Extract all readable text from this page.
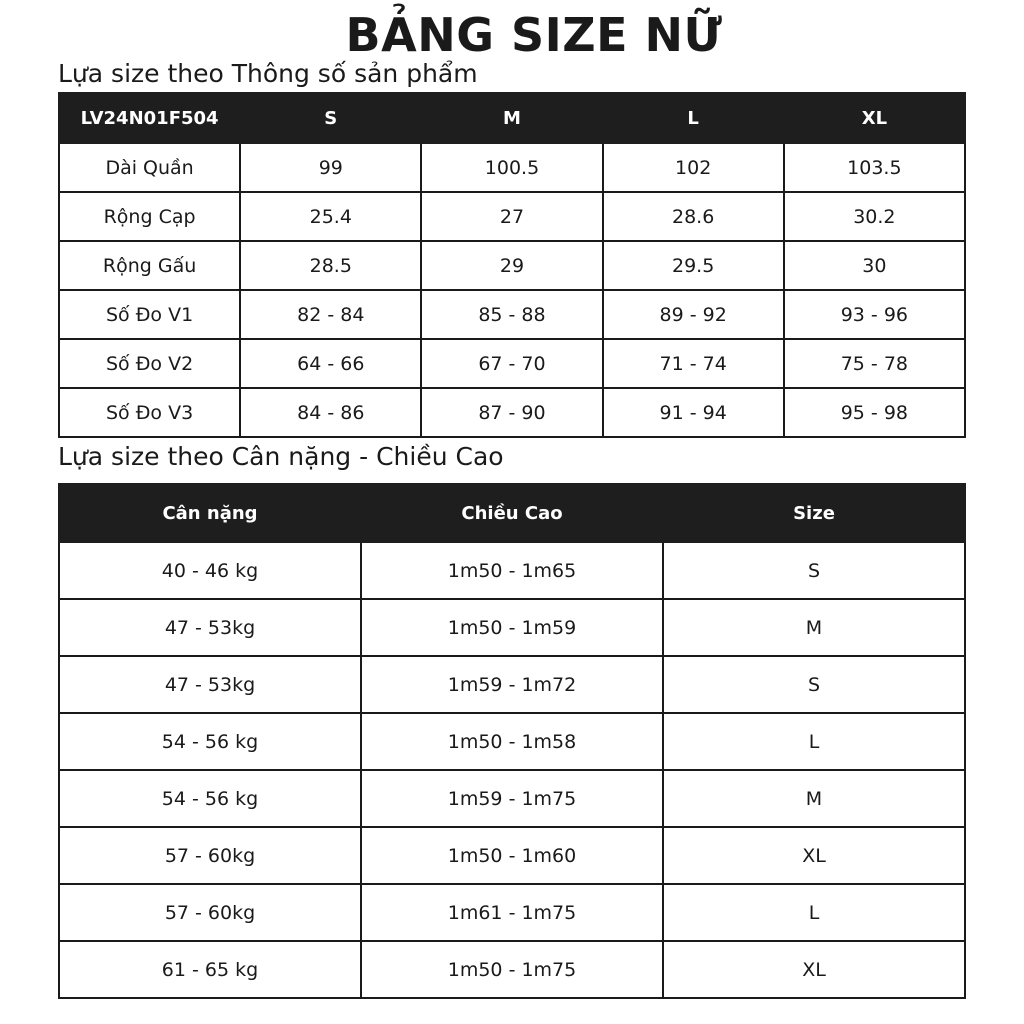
BẢNG SIZE NỮ
Lựa size theo Thông số sản phẩm
LV24N01F504	S	M	L	XL
Dài Quần	99	100.5	102	103.5
Rộng Cạp	25.4	27	28.6	30.2
Rộng Gấu	28.5	29	29.5	30
Số Đo V1	82 - 84	85 - 88	89 - 92	93 - 96
Số Đo V2	64 - 66	67 - 70	71 - 74	75 - 78
Số Đo V3	84 - 86	87 - 90	91 - 94	95 - 98
Lựa size theo Cân nặng - Chiều Cao
Cân nặng	Chiều Cao	Size
40 - 46 kg	1m50 - 1m65	S
47 - 53kg	1m50 - 1m59	M
47 - 53kg	1m59 - 1m72	S
54 - 56 kg	1m50 - 1m58	L
54 - 56 kg	1m59 - 1m75	M
57 - 60kg	1m50 - 1m60	XL
57 - 60kg	1m61 - 1m75	L
61 - 65 kg	1m50 - 1m75	XL
